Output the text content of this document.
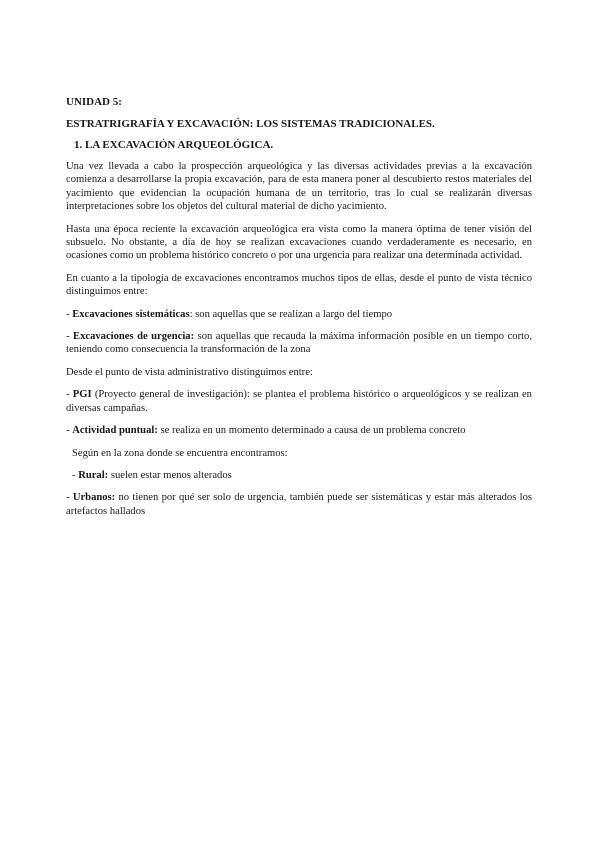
UNIDAD 5:

ESTRATRIGRAFÍA Y EXCAVACIÓN: LOS SISTEMAS TRADICIONALES.

1. LA EXCAVACIÓN ARQUEOLÓGICA.

Una vez llevada a cabo la prospección arqueológica y las diversas actividades previas a la excavación comienza a desarrollarse la propia excavación, para de esta manera poner al descubierto restos materiales del yacimiento que evidencian la ocupación humana de un territorio, tras lo cual se realizarán diversas interpretaciones sobre los objetos del cultural material de dicho yacimiento.

Hasta una época reciente la excavación arqueológica era vista como la manera óptima de tener visión del subsuelo. No obstante, a día de hoy se realizan excavaciones cuando verdaderamente es necesario, en ocasiones como un problema histórico concreto o por una urgencia para realizar una determinada actividad.

En cuanto a la tipología de excavaciones encontramos muchos tipos de ellas, desde el punto de vista técnico distinguimos entre:

- Excavaciones sistemáticas: son aquellas que se realizan a largo del tiempo

- Excavaciones de urgencia: son aquellas que recauda la máxima información posible en un tiempo corto, teniendo como consecuencia la transformación de la zona

Desde el punto de vista administrativo distinguimos entre:

- PGI (Proyecto general de investigación): se plantea el problema histórico o arqueológicos y se realizan en diversas campañas.

- Actividad puntual: se realiza en un momento determinado a causa de un problema concreto

Según en la zona donde se encuentra encontramos:

- Rural: suelen estar menos alterados

- Urbanos: no tienen por qué ser solo de urgencia, también puede ser sistemáticas y estar más alterados los artefactos hallados
